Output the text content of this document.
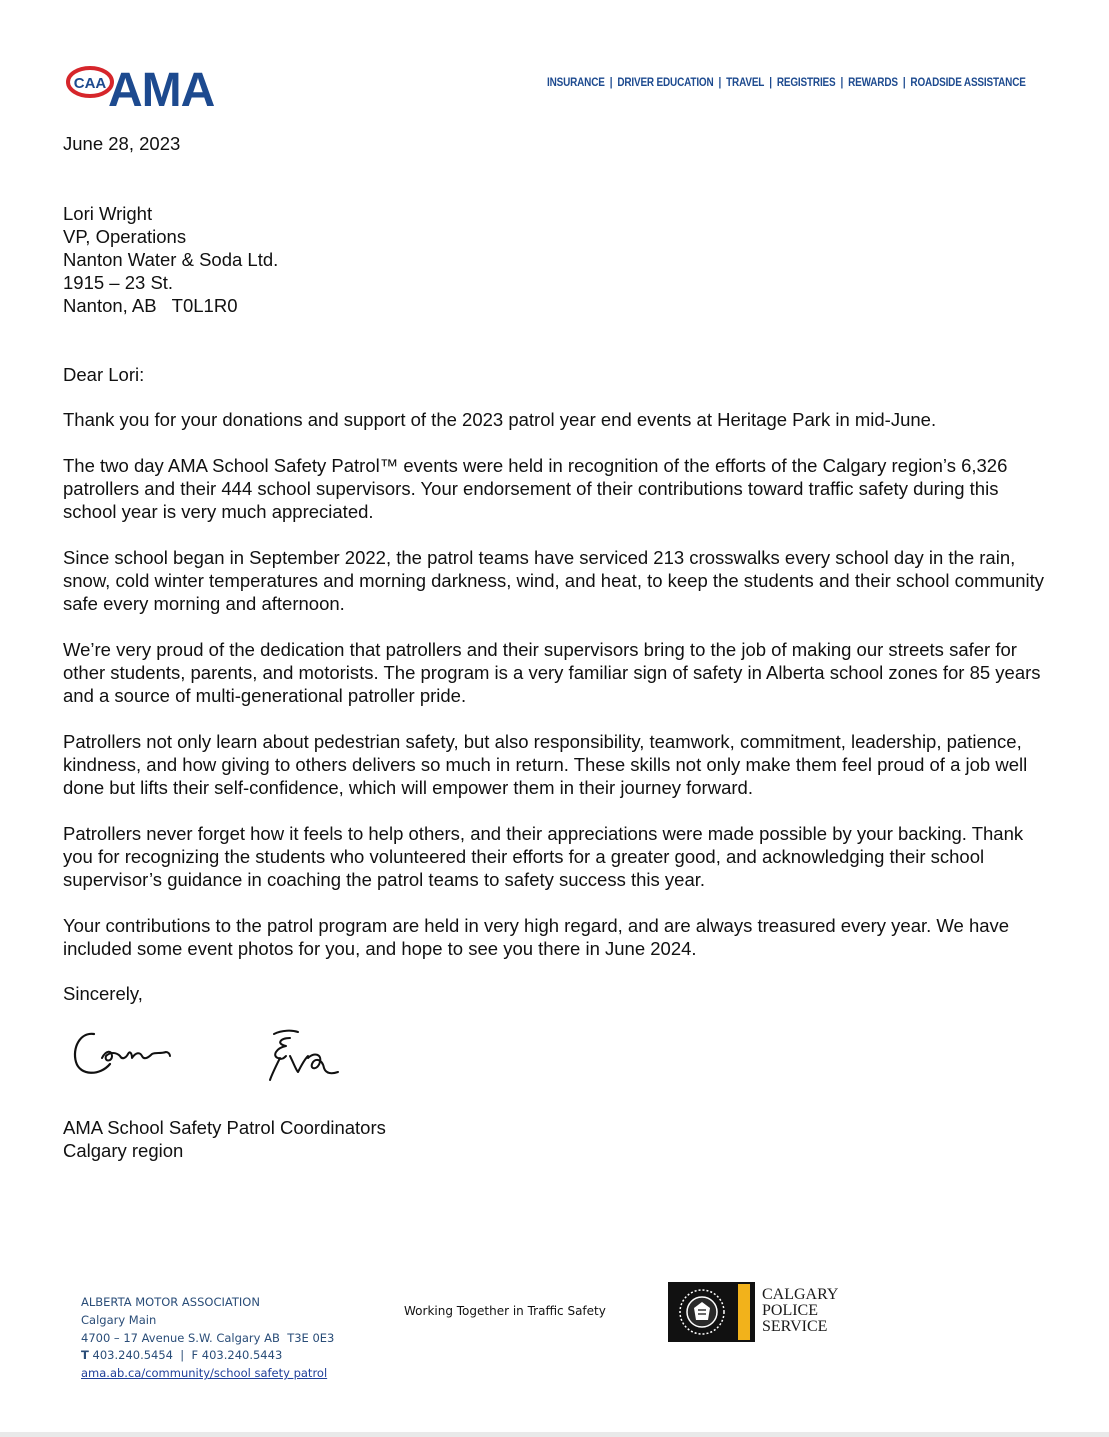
CAA AMA	INSURANCE | DRIVER EDUCATION | TRAVEL | REGISTRIES | REWARDS | ROADSIDE ASSISTANCE
June 28, 2023
Lori Wright
VP, Operations
Nanton Water & Soda Ltd.
1915 – 23 St.
Nanton, AB   T0L1R0
Dear Lori:

Thank you for your donations and support of the 2023 patrol year end events at Heritage Park in mid-June.

The two day AMA School Safety Patrol™ events were held in recognition of the efforts of the Calgary region’s 6,326 patrollers and their 444 school supervisors. Your endorsement of their contributions toward traffic safety during this school year is very much appreciated.

Since school began in September 2022, the patrol teams have serviced 213 crosswalks every school day in the rain, snow, cold winter temperatures and morning darkness, wind, and heat, to keep the students and their school community safe every morning and afternoon.

We’re very proud of the dedication that patrollers and their supervisors bring to the job of making our streets safer for other students, parents, and motorists. The program is a very familiar sign of safety in Alberta school zones for 85 years and a source of multi-generational patroller pride.

Patrollers not only learn about pedestrian safety, but also responsibility, teamwork, commitment, leadership, patience, kindness, and how giving to others delivers so much in return. These skills not only make them feel proud of a job well done but lifts their self-confidence, which will empower them in their journey forward.

Patrollers never forget how it feels to help others, and their appreciations were made possible by your backing. Thank you for recognizing the students who volunteered their efforts for a greater good, and acknowledging their school supervisor’s guidance in coaching the patrol teams to safety success this year.

Your contributions to the patrol program are held in very high regard, and are always treasured every year. We have included some event photos for you, and hope to see you there in June 2024.

Sincerely,
AMA School Safety Patrol Coordinators
Calgary region
ALBERTA MOTOR ASSOCIATION
Calgary Main
4700 – 17 Avenue S.W. Calgary AB  T3E 0E3
T 403.240.5454  |  F 403.240.5443
ama.ab.ca/community/school safety patrol
Working Together in Traffic Safety
CALGARY
POLICE
SERVICE
